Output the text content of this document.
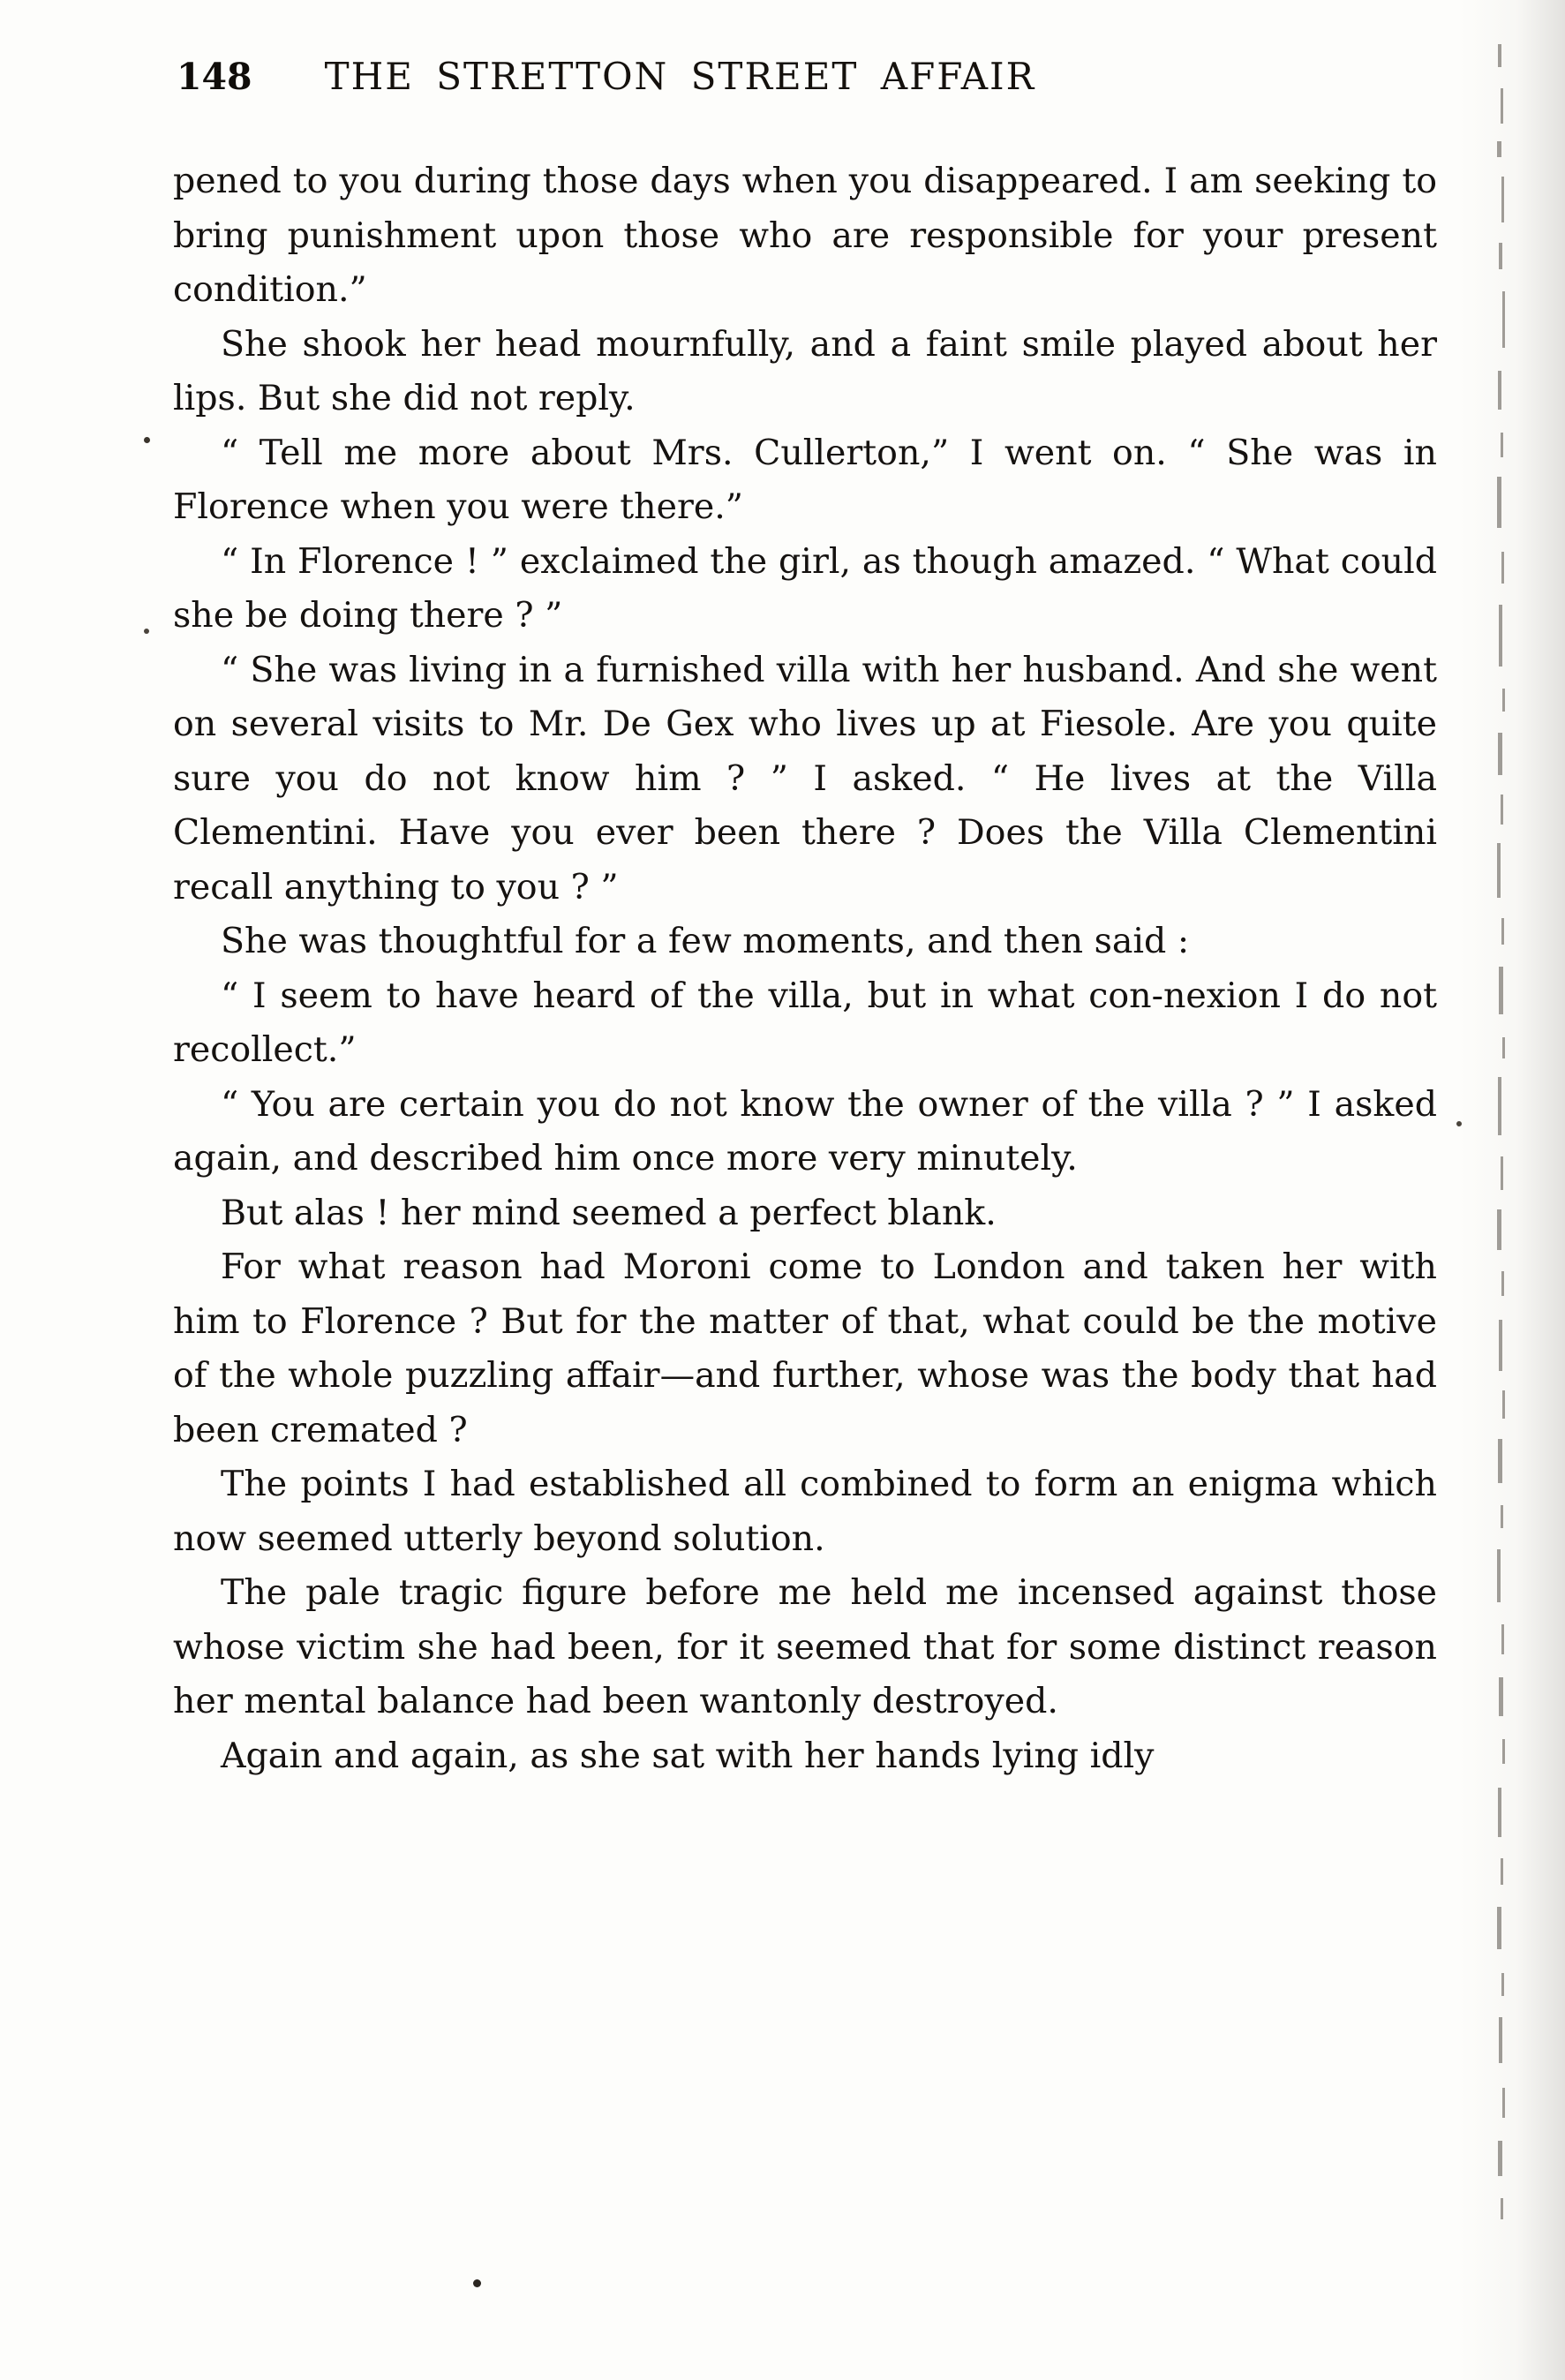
148 THE STRETTON STREET AFFAIR

pened to you during those days when you disappeared. I am seeking to bring punishment upon those who are responsible for your present condition.”

She shook her head mournfully, and a faint smile played about her lips. But she did not reply.

“ Tell me more about Mrs. Cullerton,” I went on. “ She was in Florence when you were there.”

“ In Florence ! ” exclaimed the girl, as though amazed. “ What could she be doing there ? ”

“ She was living in a furnished villa with her husband. And she went on several visits to Mr. De Gex who lives up at Fiesole. Are you quite sure you do not know him ? ” I asked. “ He lives at the Villa Clementini. Have you ever been there ? Does the Villa Clementini recall anything to you ? ”

She was thoughtful for a few moments, and then said :

“ I seem to have heard of the villa, but in what con-nexion I do not recollect.”

“ You are certain you do not know the owner of the villa ? ” I asked again, and described him once more very minutely.

But alas ! her mind seemed a perfect blank.

For what reason had Moroni come to London and taken her with him to Florence ? But for the matter of that, what could be the motive of the whole puzzling affair—and further, whose was the body that had been cremated ?

The points I had established all combined to form an enigma which now seemed utterly beyond solution.

The pale tragic figure before me held me incensed against those whose victim she had been, for it seemed that for some distinct reason her mental balance had been wantonly destroyed.

Again and again, as she sat with her hands lying idly
